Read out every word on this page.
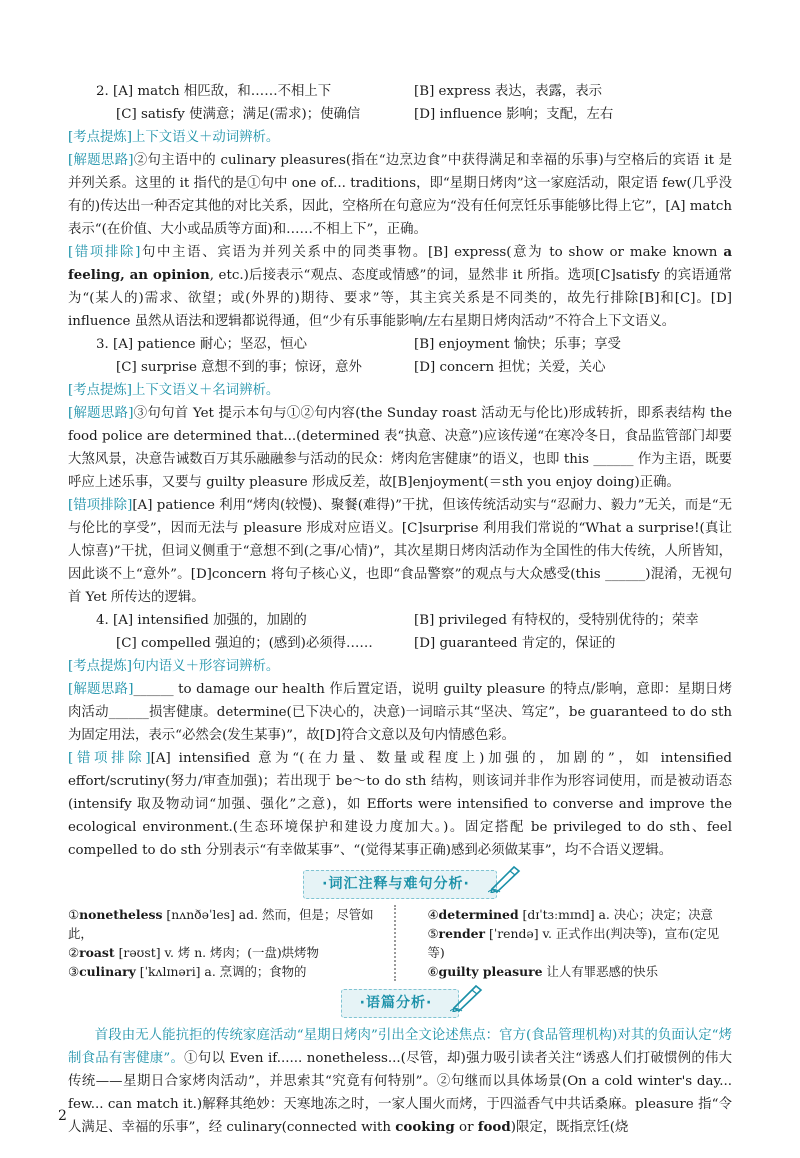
2. [A] match 相匹敌，和……不相上下	[B] express 表达，表露，表示
[C] satisfy 使满意；满足(需求)；使确信	[D] influence 影响；支配，左右
[考点提炼]上下文语义＋动词辨析。
[解题思路]②句主语中的 culinary pleasures(指在“边烹边食”中获得满足和幸福的乐事)与空格后的宾语 it 是并列关系。这里的 it 指代的是①句中 one of... traditions，即“星期日烤肉”这一家庭活动，限定语 few(几乎没有的)传达出一种否定其他的对比关系，因此，空格所在句意应为“没有任何烹饪乐事能够比得上它”，[A] match 表示“(在价值、大小或品质等方面)和……不相上下”，正确。
[错项排除]句中主语、宾语为并列关系中的同类事物。[B] express(意为 to show or make known a feeling, an opinion, etc.)后接表示“观点、态度或情感”的词，显然非 it 所指。选项[C]satisfy 的宾语通常为“(某人的)需求、欲望；或(外界的)期待、要求”等，其主宾关系是不同类的，故先行排除[B]和[C]。[D] influence 虽然从语法和逻辑都说得通，但“少有乐事能影响/左右星期日烤肉活动”不符合上下文语义。
3. [A] patience 耐心；坚忍，恒心	[B] enjoyment 愉快；乐事；享受
[C] surprise 意想不到的事；惊讶，意外	[D] concern 担忧；关爱，关心
[考点提炼]上下文语义＋名词辨析。
[解题思路]③句句首 Yet 提示本句与①②句内容(the Sunday roast 活动无与伦比)形成转折，即系表结构 the food police are determined that...(determined 表“执意、决意”)应该传递“在寒冷冬日，食品监管部门却要大煞风景，决意告诫数百万其乐融融参与活动的民众：烤肉危害健康”的语义，也即 this ______ 作为主语，既要呼应上述乐事，又要与 guilty pleasure 形成反差，故[B]enjoyment(＝sth you enjoy doing)正确。
[错项排除][A] patience 利用“烤肉(较慢)、聚餐(难得)”干扰，但该传统活动实与“忍耐力、毅力”无关，而是“无与伦比的享受”，因而无法与 pleasure 形成对应语义。[C]surprise 利用我们常说的“What a surprise!(真让人惊喜)”干扰，但词义侧重于“意想不到(之事/心情)”，其次星期日烤肉活动作为全国性的伟大传统，人所皆知，因此谈不上“意外”。[D]concern 将句子核心义，也即“食品警察”的观点与大众感受(this ______)混淆，无视句首 Yet 所传达的逻辑。
4. [A] intensified 加强的，加剧的	[B] privileged 有特权的，受特别优待的；荣幸
[C] compelled 强迫的；(感到)必须得……	[D] guaranteed 肯定的，保证的
[考点提炼]句内语义＋形容词辨析。
[解题思路]______ to damage our health 作后置定语，说明 guilty pleasure 的特点/影响，意即：星期日烤肉活动______损害健康。determine(已下决心的，决意)一词暗示其“坚决、笃定”，be guaranteed to do sth 为固定用法，表示“必然会(发生某事)”，故[D]符合文意以及句内情感色彩。
[错项排除][A] intensified 意为“(在力量、数量或程度上)加强的，加剧的”，如 intensified effort/scrutiny(努力/审查加强)；若出现于 be～to do sth 结构，则该词并非作为形容词使用，而是被动语态(intensify 取及物动词“加强、强化”之意)，如 Efforts were intensified to converse and improve the ecological environment.(生态环境保护和建设力度加大。)。固定搭配 be privileged to do sth、feel compelled to do sth 分别表示“有幸做某事”、“(觉得某事正确)感到必须做某事”，均不合语义逻辑。
·词汇注释与难句分析·
①nonetheless [nʌnðəˈles] ad. 然而，但是；尽管如此，
②roast [rəʊst] v. 烤 n. 烤肉；(一盘)烘烤物
③culinary [ˈkʌlɪnəri] a. 烹调的；食物的
④determined [dɪˈtɜːmɪnd] a. 决心；决定；决意
⑤render [ˈrendə] v. 正式作出(判决等)，宣布(定见等)
⑥guilty pleasure 让人有罪恶感的快乐
·语篇分析·
首段由无人能抗拒的传统家庭活动“星期日烤肉”引出全文论述焦点：官方(食品管理机构)对其的负面认定“烤制食品有害健康”。①句以 Even if...... nonetheless...(尽管，却)强力吸引读者关注“诱惑人们打破惯例的伟大传统——星期日合家烤肉活动”，并思索其“究竟有何特别”。②句继而以具体场景(On a cold winter's day... few... can match it.)解释其绝妙：天寒地冻之时，一家人围火而烤，于四溢香气中共话桑麻。pleasure 指“令人满足、幸福的乐事”，经 culinary(connected with cooking or food)限定，既指烹饪(烧
2
